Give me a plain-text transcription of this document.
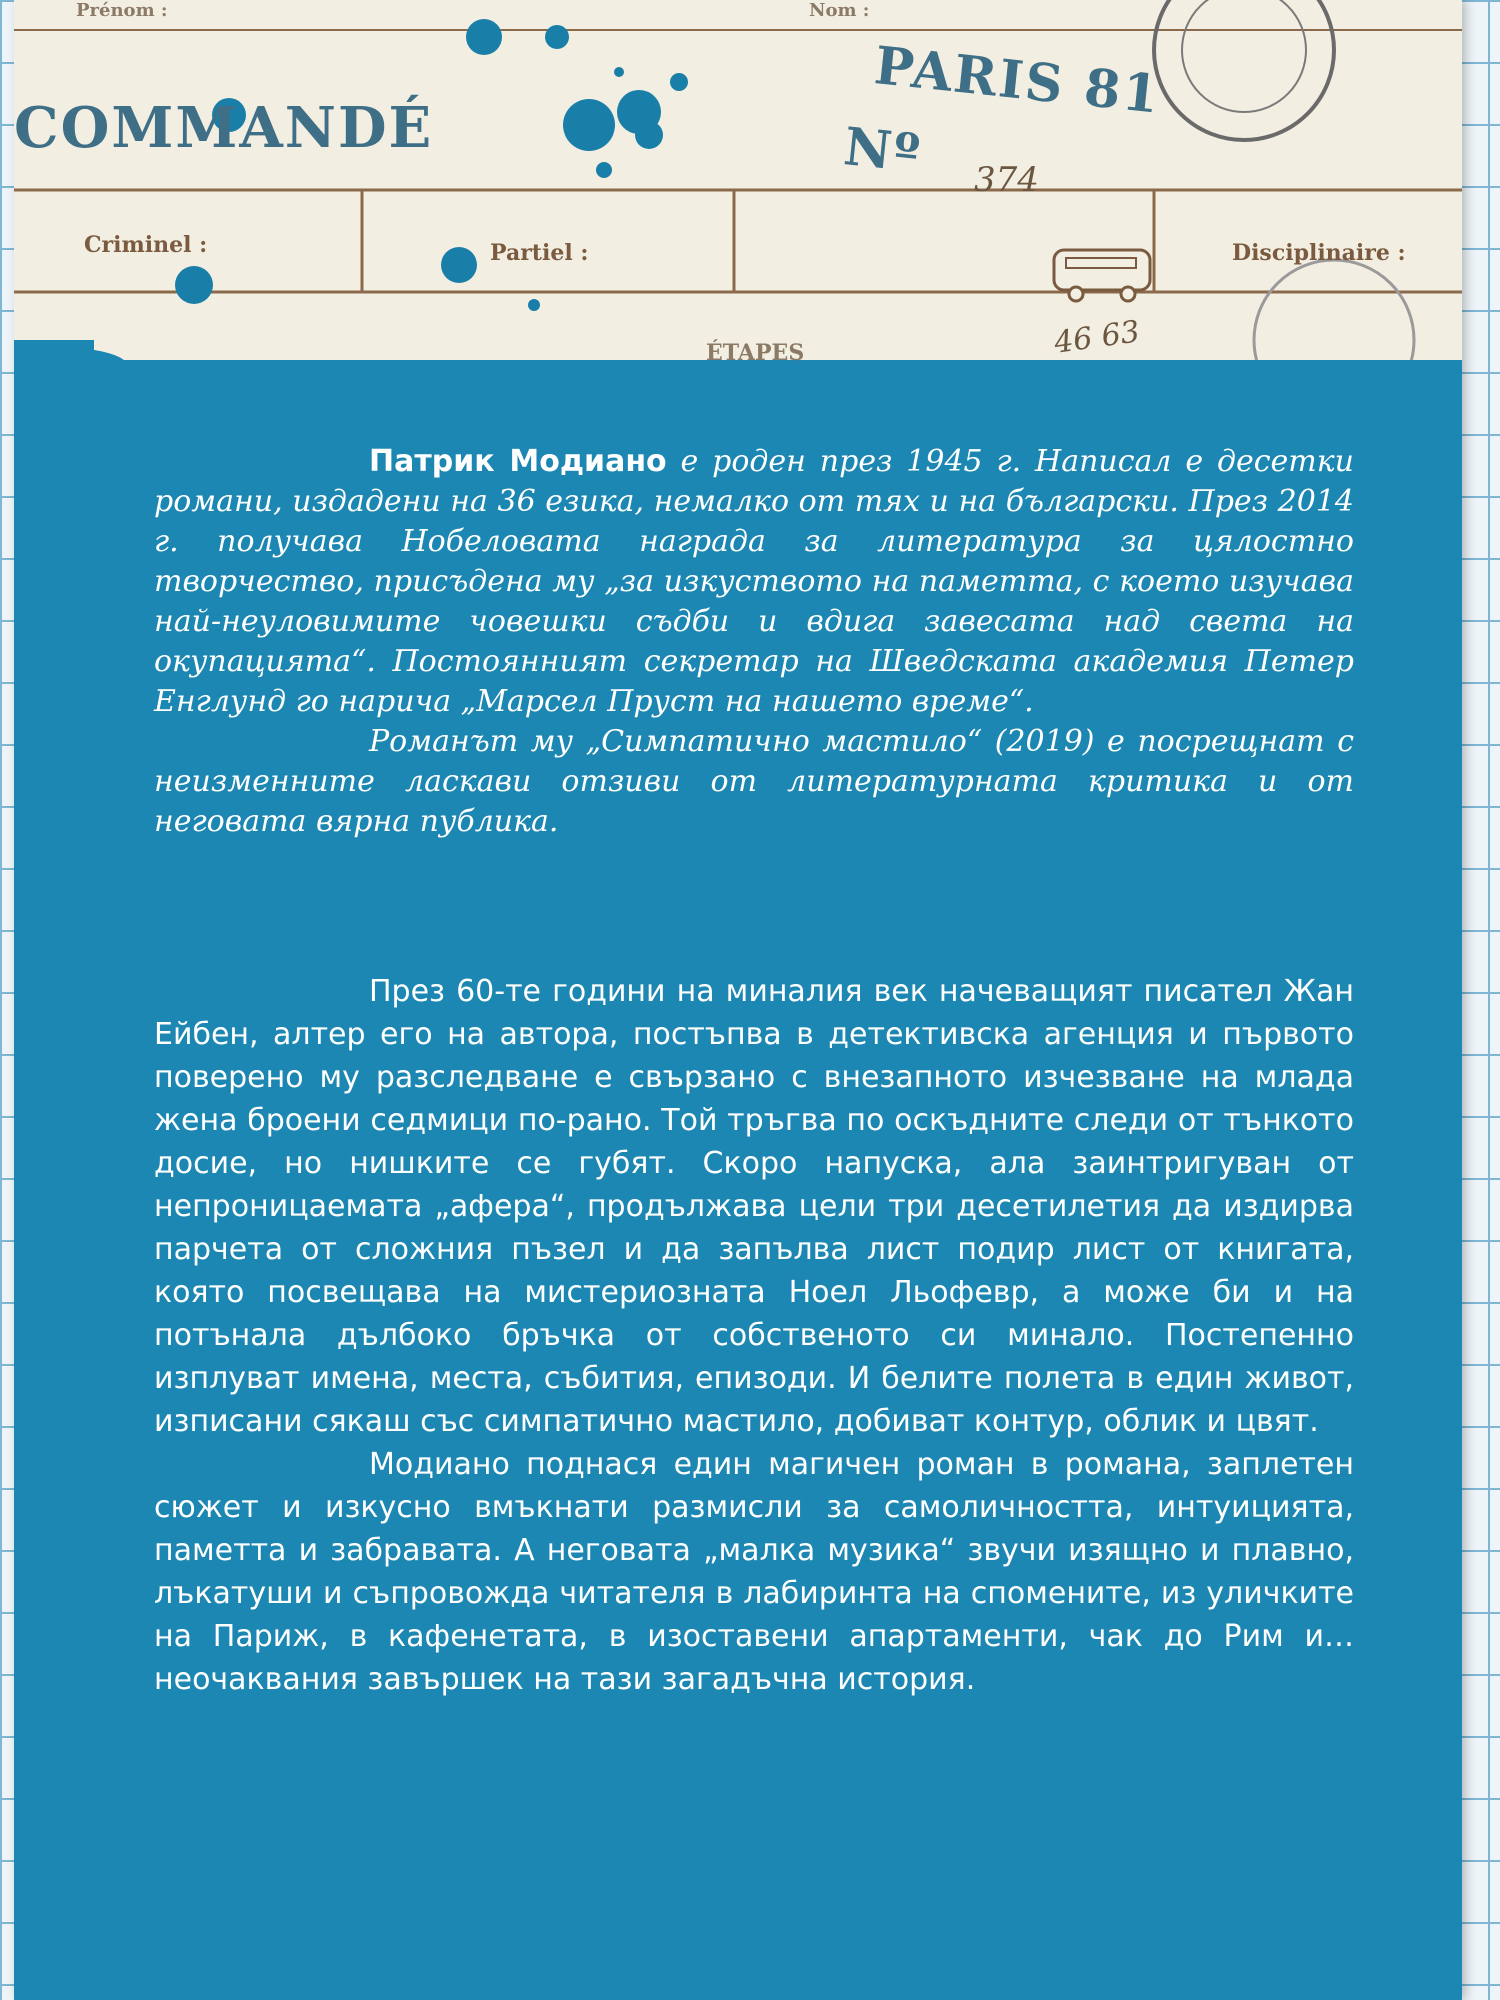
COMMANDÉ
PARIS 81
Nº 374
Prénom :	Nom :
Criminel :	Partiel :	Disciplinaire :
ÉTAPES	46 63

Патрик Модиано е роден през 1945 г. Написал е десетки романи, издадени на 36 езика, немалко от тях и на български. През 2014 г. получава Нобеловата награда за литература за цялостно творчество, присъдена му „за изкуството на паметта, с което изучава най-неуловимите човешки съдби и вдига завесата над света на окупацията“. Постоянният секретар на Шведската академия Петер Енглунд го нарича „Марсел Пруст на нашето време“.

Романът му „Симпатично мастило“ (2019) е посрещнат с неизменните ласкави отзиви от литературната критика и от неговата вярна публика.

През 60-те години на миналия век начеващият писател Жан Ейбен, алтер его на автора, постъпва в детективска агенция и първото поверено му разследване е свързано с внезапното изчезване на млада жена броени седмици по-рано. Той тръгва по оскъдните следи от тънкото досие, но нишките се губят. Скоро напуска, ала заинтригуван от непроницаемата „афера“, продължава цели три десетилетия да издирва парчета от сложния пъзел и да запълва лист подир лист от книгата, която посвещава на мистериозната Ноел Льофевр, а може би и на потънала дълбоко бръчка от собственото си минало. Постепенно изплуват имена, места, събития, епизоди. И белите полета в един живот, изписани сякаш със симпатично мастило, добиват контур, облик и цвят.

Модиано поднася един магичен роман в романа, заплетен сюжет и изкусно вмъкнати размисли за самоличността, интуицията, паметта и забравата. А неговата „малка музика“ звучи изящно и плавно, лъкатуши и съпровожда читателя в лабиринта на спомените, из уличките на Париж, в кафенетата, в изоставени апартаменти, чак до Рим и… неочаквания завършек на тази загадъчна история.
